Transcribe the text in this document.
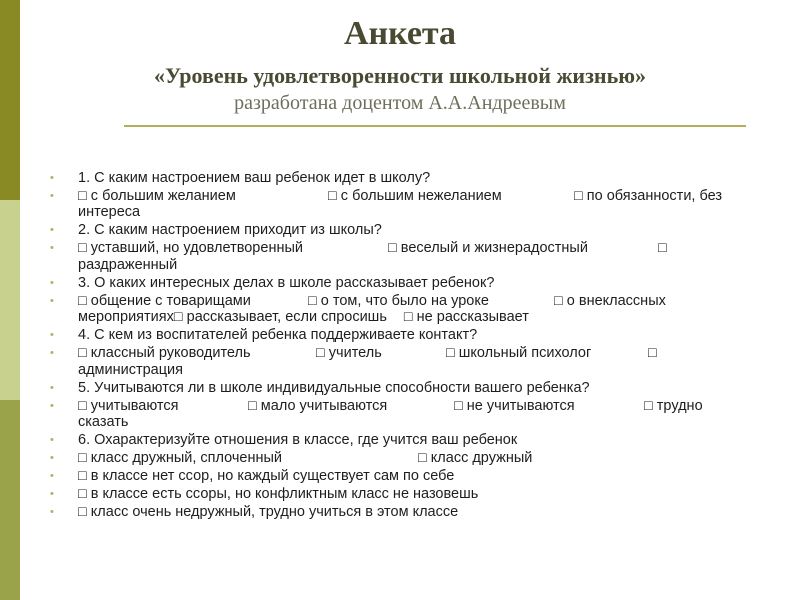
Анкета
«Уровень удовлетворенности школьной жизнью»
разработана доцентом А.А.Андреевым
• 1. С каким настроением ваш ребенок идет в школу?
• □ с большим желанием	□ с большим нежеланием	□ по обязанности, без интереса
• 2. С каким настроением приходит из школы?
• □ уставший, но удовлетворенный	□ веселый и жизнерадостный	□ раздраженный
• 3. О каких интересных делах в школе рассказывает ребенок?
• □ общение с товарищами	□ о том, что было на уроке	□ о внеклассных мероприятиях□ рассказывает, если спросишь □ не рассказывает
• 4. С кем из воспитателей ребенка поддерживаете контакт?
• □ классный руководитель	□ учитель	□ школьный психолог	□ администрация
• 5. Учитываются ли в школе индивидуальные способности вашего ребенка?
• □ учитываются	□ мало учитываются	□ не учитываются	□ трудно сказать
• 6. Охарактеризуйте отношения в классе, где учится ваш ребенок
• □ класс дружный, сплоченный	□ класс дружный
• □ в классе нет ссор, но каждый существует сам по себе
• □ в классе есть ссоры, но конфликтным класс не назовешь
• □ класс очень недружный, трудно учиться в этом классе
